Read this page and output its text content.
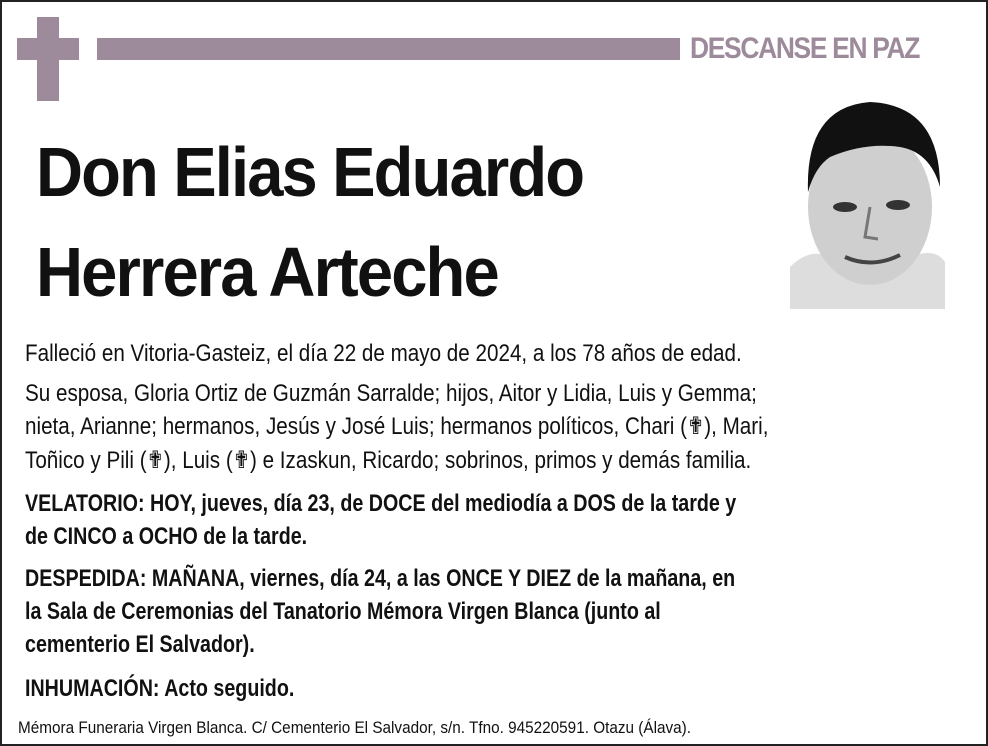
DESCANSE EN PAZ
Don Elias Eduardo
Herrera Arteche
Falleció en Vitoria-Gasteiz, el día 22 de mayo de 2024, a los 78 años de edad.
Su esposa, Gloria Ortiz de Guzmán Sarralde; hijos, Aitor y Lidia, Luis y Gemma;
nieta, Arianne; hermanos, Jesús y José Luis; hermanos políticos, Chari (✟), Mari,
Toñico y Pili (✟), Luis (✟) e Izaskun, Ricardo; sobrinos, primos y demás familia.
VELATORIO: HOY, jueves, día 23, de DOCE del mediodía a DOS de la tarde y
de CINCO a OCHO de la tarde.
DESPEDIDA: MAÑANA, viernes, día 24, a las ONCE Y DIEZ de la mañana, en
la Sala de Ceremonias del Tanatorio Mémora Virgen Blanca (junto al
cementerio El Salvador).
INHUMACIÓN: Acto seguido.
Mémora Funeraria Virgen Blanca. C/ Cementerio El Salvador, s/n. Tfno. 945220591. Otazu (Álava).
